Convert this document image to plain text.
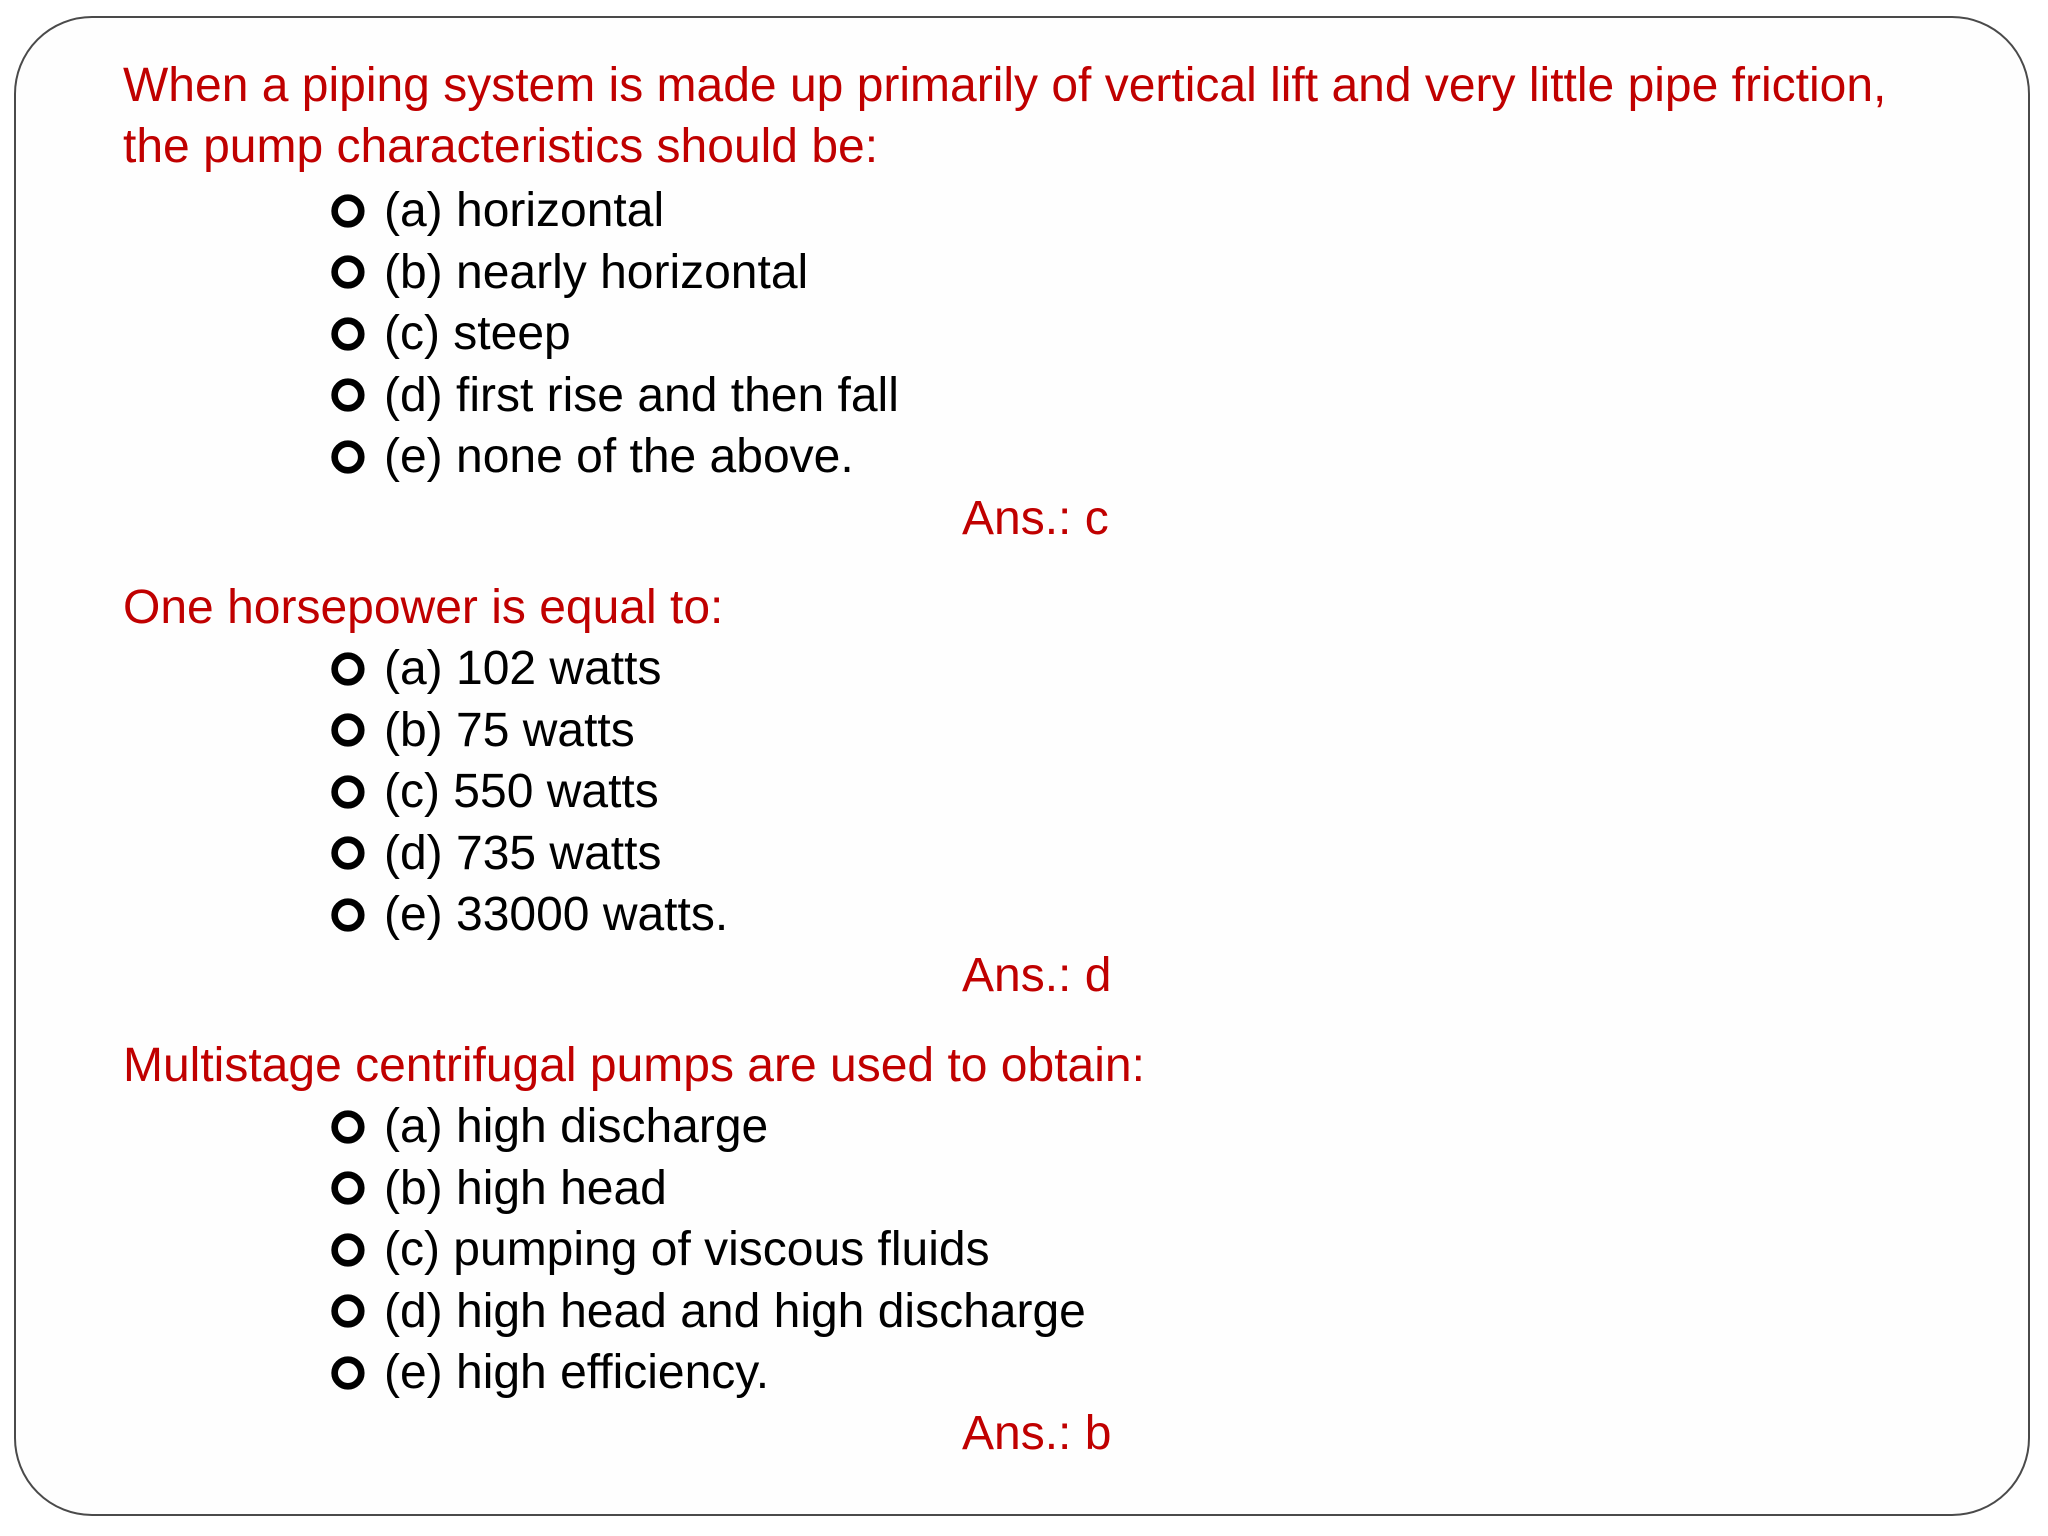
When a piping system is made up primarily of vertical lift and very little pipe friction, the pump characteristics should be:

(a) horizontal
(b) nearly horizontal
(c) steep
(d) first rise and then fall
(e) none of the above.

Ans.: c

One horsepower is equal to:

(a) 102 watts
(b) 75 watts
(c) 550 watts
(d) 735 watts
(e) 33000 watts.

Ans.: d

Multistage centrifugal pumps are used to obtain:

(a) high discharge
(b) high head
(c) pumping of viscous fluids
(d) high head and high discharge
(e) high efficiency.

Ans.: b
